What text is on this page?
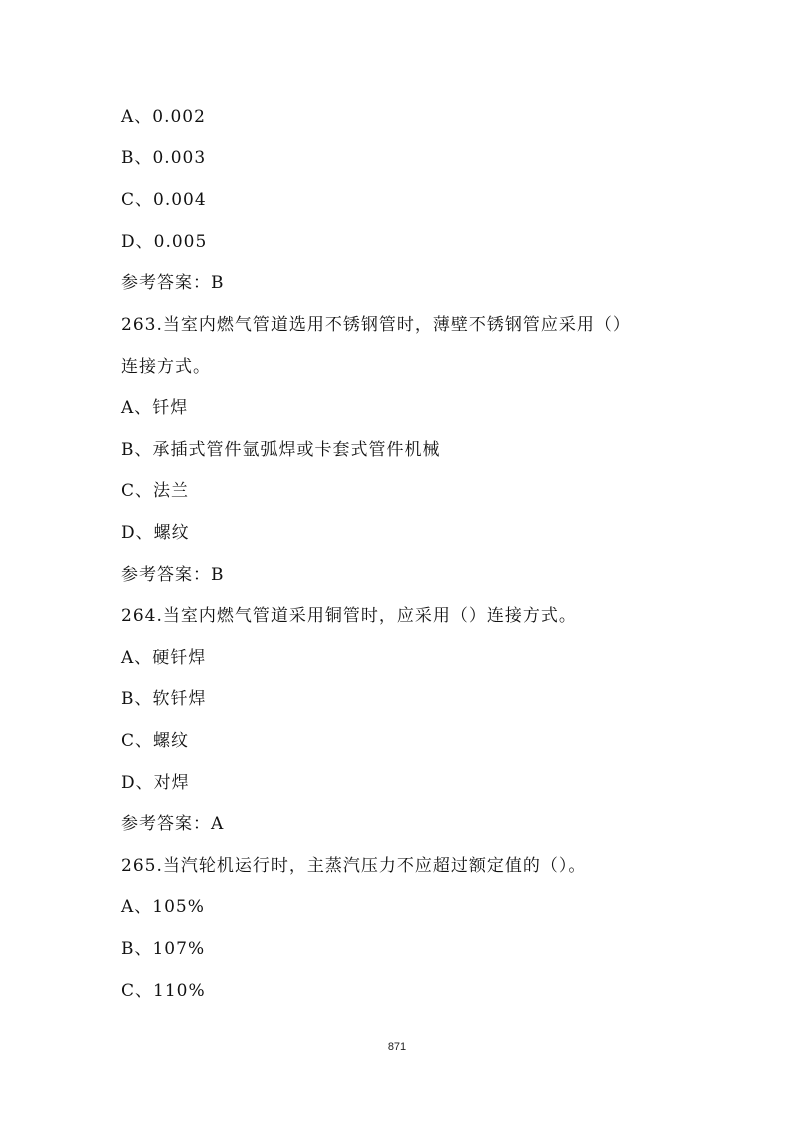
A、0.002
B、0.003
C、0.004
D、0.005
参考答案：B
263.当室内燃气管道选用不锈钢管时，薄壁不锈钢管应采用（）
连接方式。
A、钎焊
B、承插式管件氩弧焊或卡套式管件机械
C、法兰
D、螺纹
参考答案：B
264.当室内燃气管道采用铜管时，应采用（）连接方式。
A、硬钎焊
B、软钎焊
C、螺纹
D、对焊
参考答案：A
265.当汽轮机运行时，主蒸汽压力不应超过额定值的（）。
A、105%
B、107%
C、110%
871
